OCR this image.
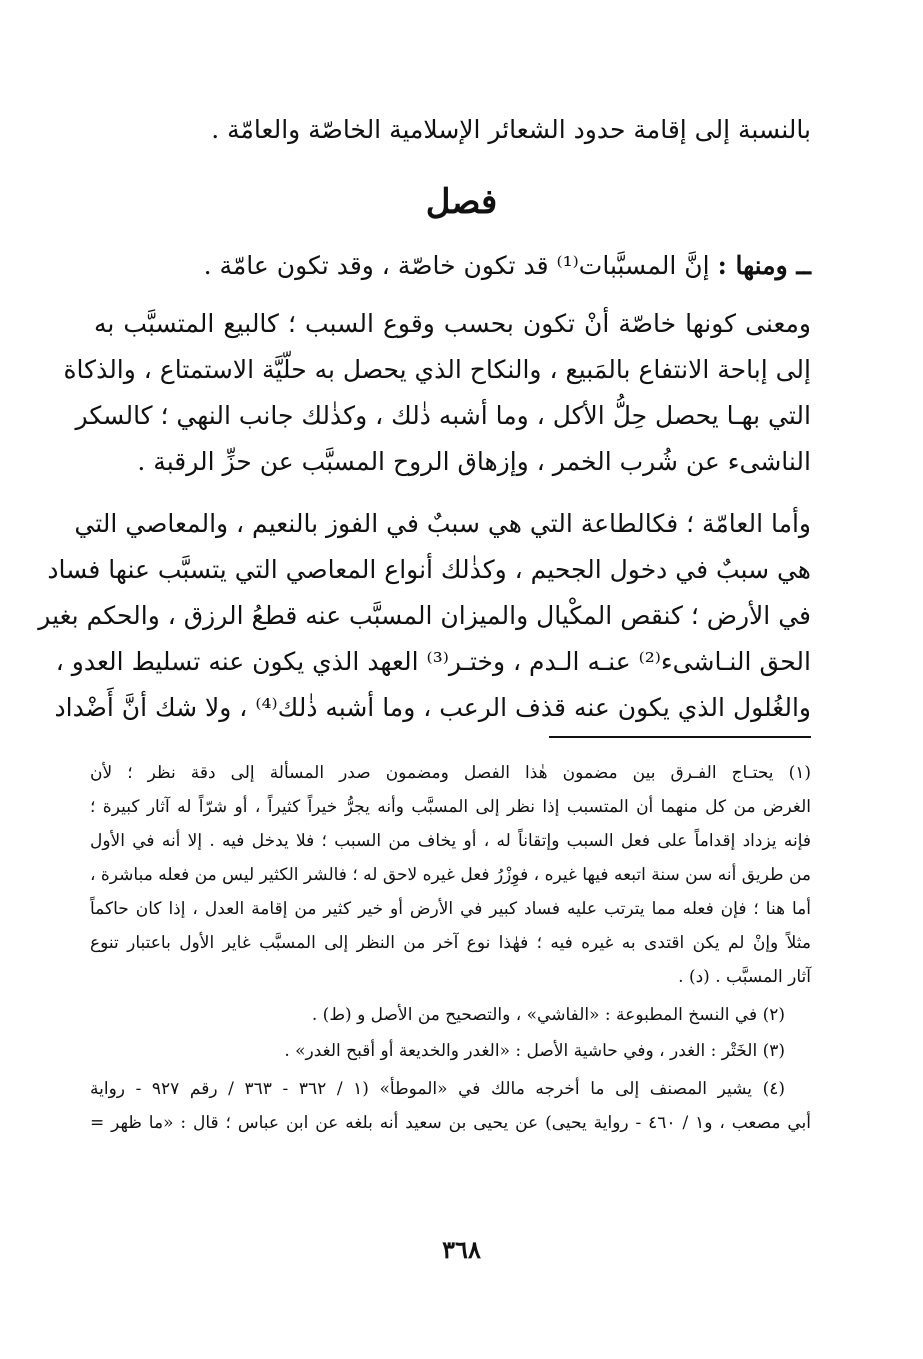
بالنسبة إلى إقامة حدود الشعائر الإسلامية الخاصّة والعامّة .
فصل
ــ ومنها : إنَّ المسبَّبات⁽¹⁾ قد تكون خاصّة ، وقد تكون عامّة .
ومعنى كونها خاصّة أنْ تكون بحسب وقوع السبب ؛ كالبيع المتسبَّب به
إلى إباحة الانتفاع بالمَبيع ، والنكاح الذي يحصل به حلّيَّة الاستمتاع ، والذكاة
التي بهـا يحصل حِلُّ الأكل ، وما أشبه ذٰلك ، وكذٰلك جانب النهي ؛ كالسكر
الناشىء عن شُرب الخمر ، وإزهاق الروح المسبَّب عن حزِّ الرقبة .
وأما العامّة ؛ فكالطاعة التي هي سببٌ في الفوز بالنعيم ، والمعاصي التي
هي سببٌ في دخول الجحيم ، وكذٰلك أنواع المعاصي التي يتسبَّب عنها فساد
في الأرض ؛ كنقص المكْيال والميزان المسبَّب عنه قطعُ الرزق ، والحكم بغير
الحق النـاشىء⁽²⁾ عنـه الـدم ، وختـر⁽³⁾ العهد الذي يكون عنه تسليط العدو ،
والغُلول الذي يكون عنه قذف الرعب ، وما أشبه ذٰلك⁽⁴⁾ ، ولا شك أنَّ أَضْداد
(١) يحتـاج الفـرق بين مضمون هٰذا الفصل ومضمون صدر المسألة إلى دقة نظر ؛ لأن
الغرض من كل منهما أن المتسبب إذا نظر إلى المسبَّب وأنه يجرُّ خيراً كثيراً ، أو شرّاً له آثار كبيرة ؛
فإنه يزداد إقداماً على فعل السبب وإتقاناً له ، أو يخاف من السبب ؛ فلا يدخل فيه . إلا أنه في الأول
من طريق أنه سن سنة اتبعه فيها غيره ، فوِزْرُ فعل غيره لاحق له ؛ فالشر الكثير ليس من فعله مباشرة ،
أما هنا ؛ فإن فعله مما يترتب عليه فساد كبير في الأرض أو خير كثير من إقامة العدل ، إذا كان حاكماً
مثلاً وإنْ لم يكن اقتدى به غيره فيه ؛ فهٰذا نوع آخر من النظر إلى المسبَّب غاير الأول باعتبار تنوع
آثار المسبَّب . (د) .
(٢) في النسخ المطبوعة : «الفاشي» ، والتصحيح من الأصل و (ط) .
(٣) الخَتْر : الغدر ، وفي حاشية الأصل : «الغدر والخديعة أو أقبح الغدر» .
(٤) يشير المصنف إلى ما أخرجه مالك في «الموطأ» (١ / ٣٦٢ - ٣٦٣ / رقم ٩٢٧ - رواية
أبي مصعب ، و١ / ٤٦٠ - رواية يحيى) عن يحيى بن سعيد أنه بلغه عن ابن عباس ؛ قال : «ما ظهر =
٣٦٨
